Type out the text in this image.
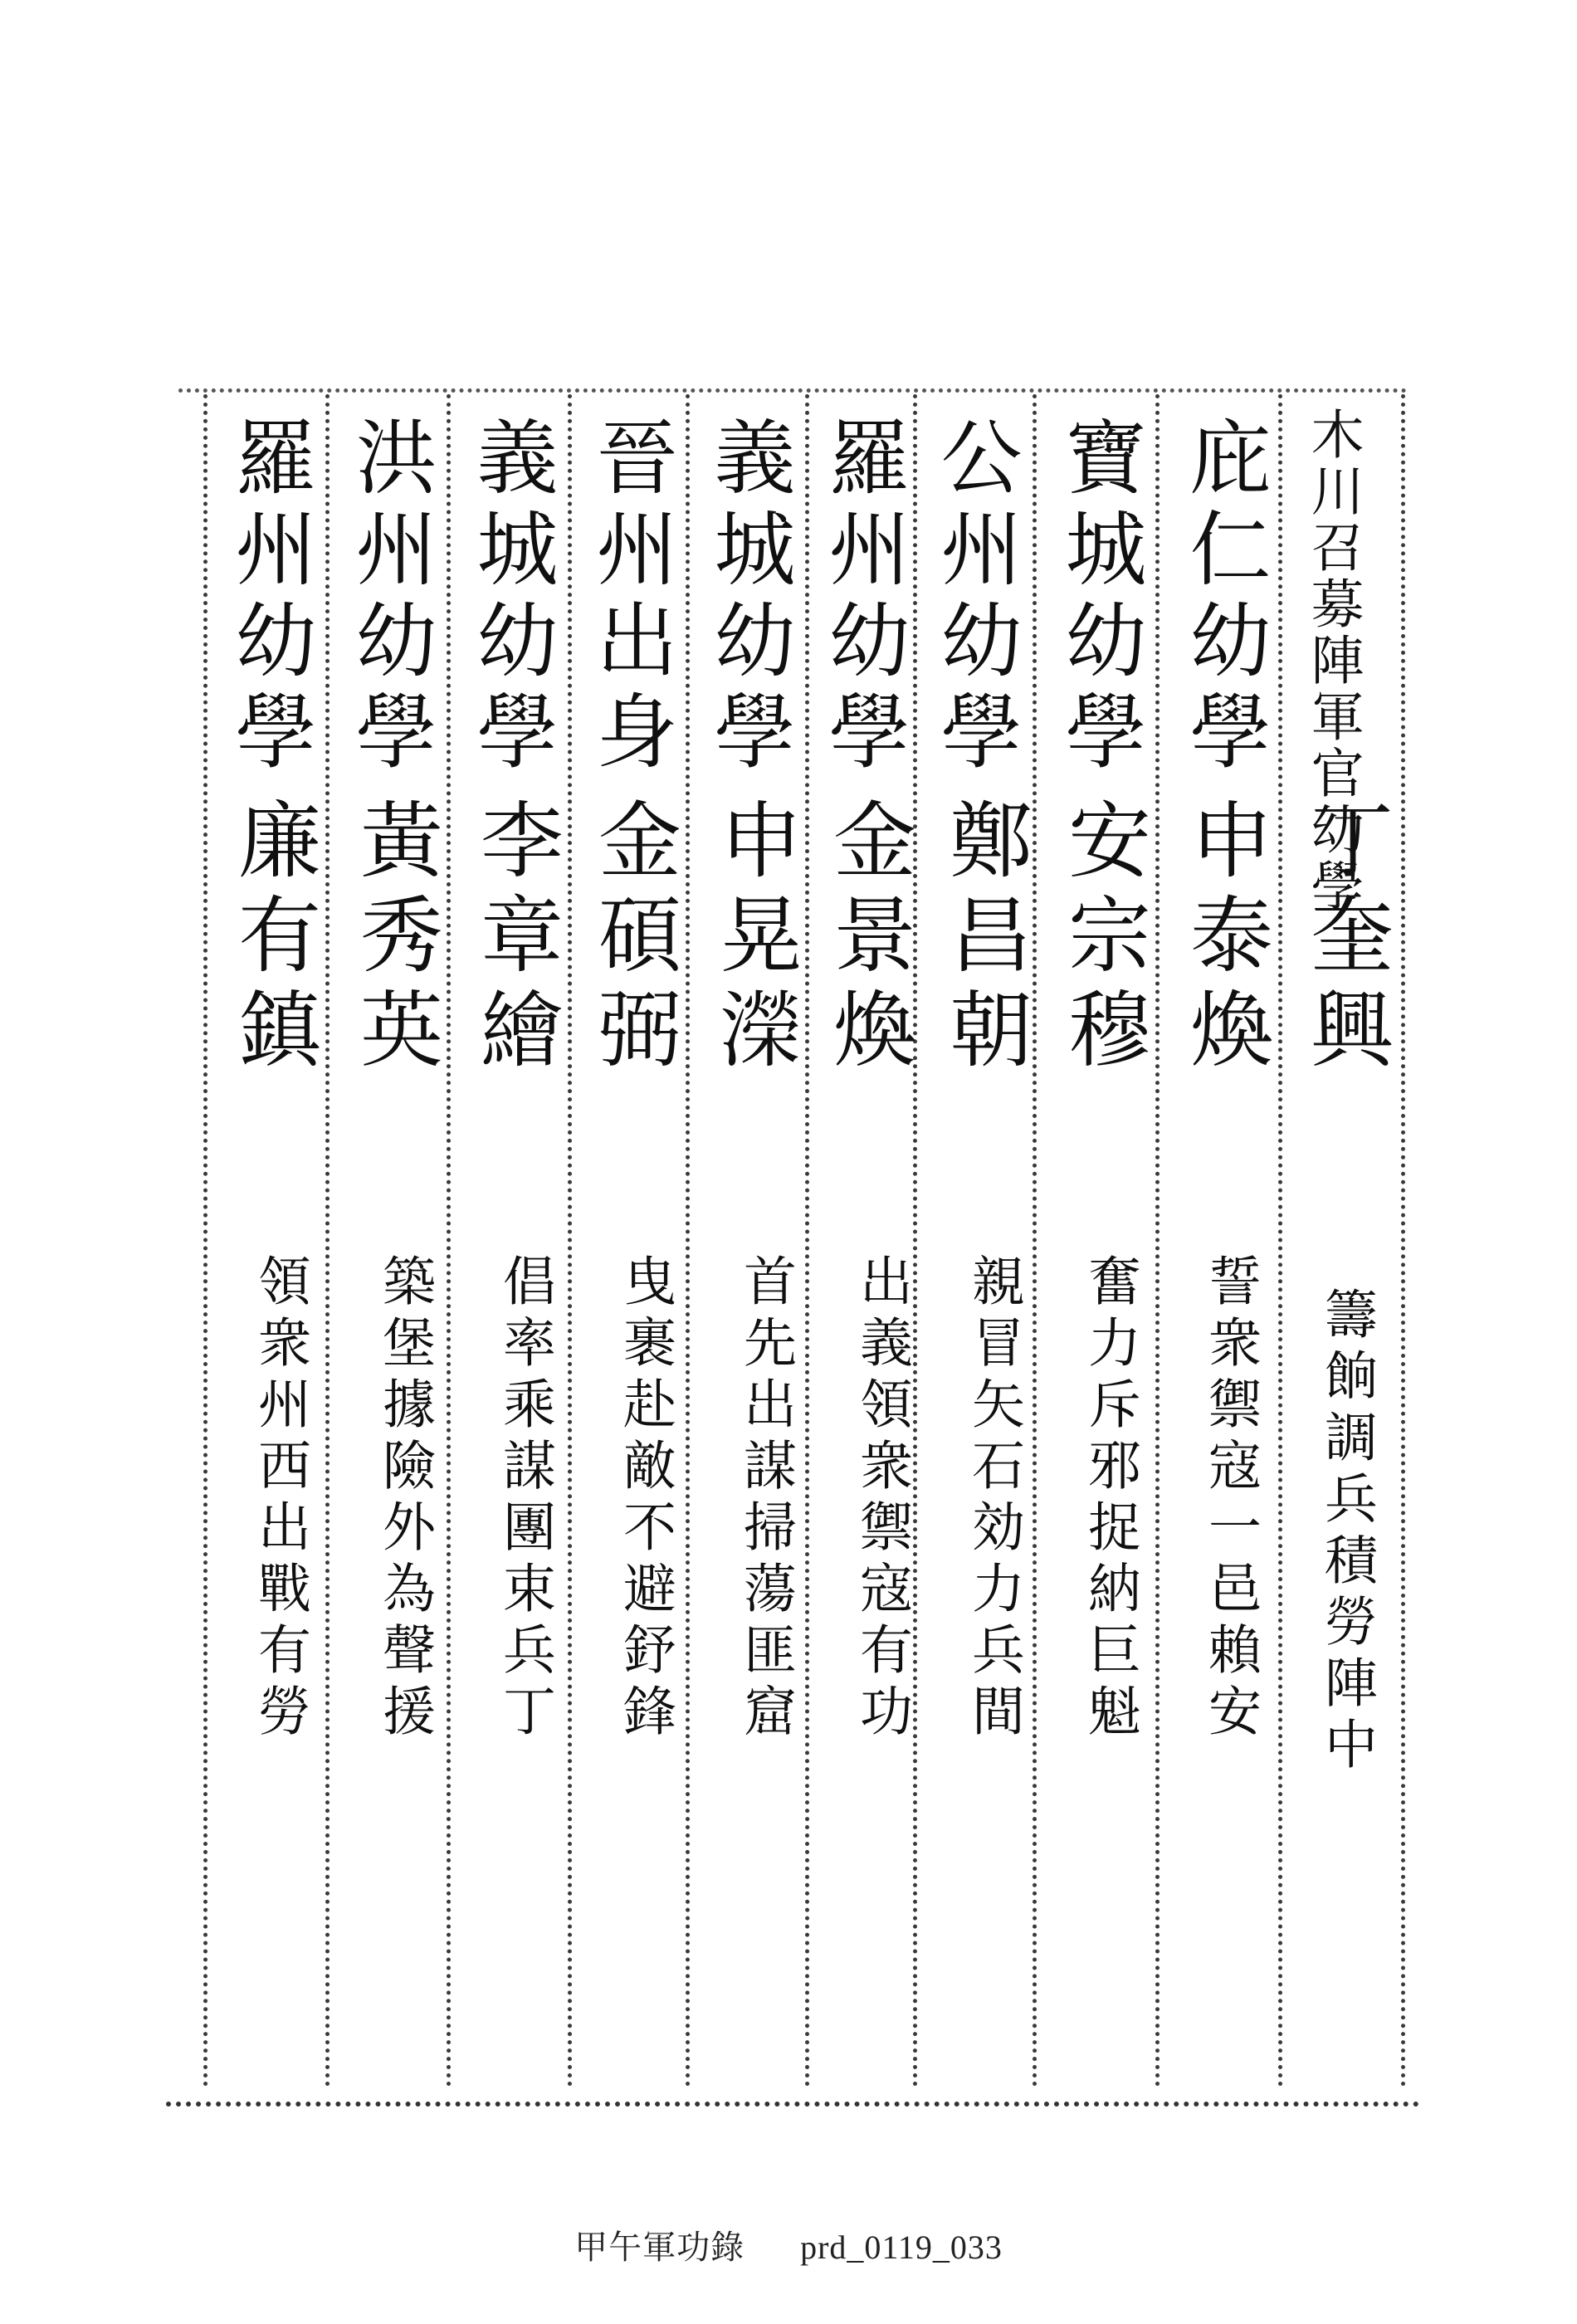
木川召募陣軍官幼學
丁奎興
籌餉調兵積勞陣中
庇仁幼學
申泰煥
誓衆禦寇一邑賴安
寶城幼學
安宗穆
奮力斥邪捉納巨魁
公州幼學
鄭昌朝
親冒矢石効力兵間
羅州幼學
金景煥
出義領衆禦寇有功
義城幼學
申晃濚
首先出謀掃蕩匪窟
晉州出身
金碩弼
曳裹赴敵不避𨥤鋒
義城幼學
李章繪
倡率乘謀團束兵丁
洪州幼學
黃秀英
築堡據險外為聲援
羅州幼學
廉有鎮
領衆州西出戰有勞
甲午軍功錄 prd_0119_033
